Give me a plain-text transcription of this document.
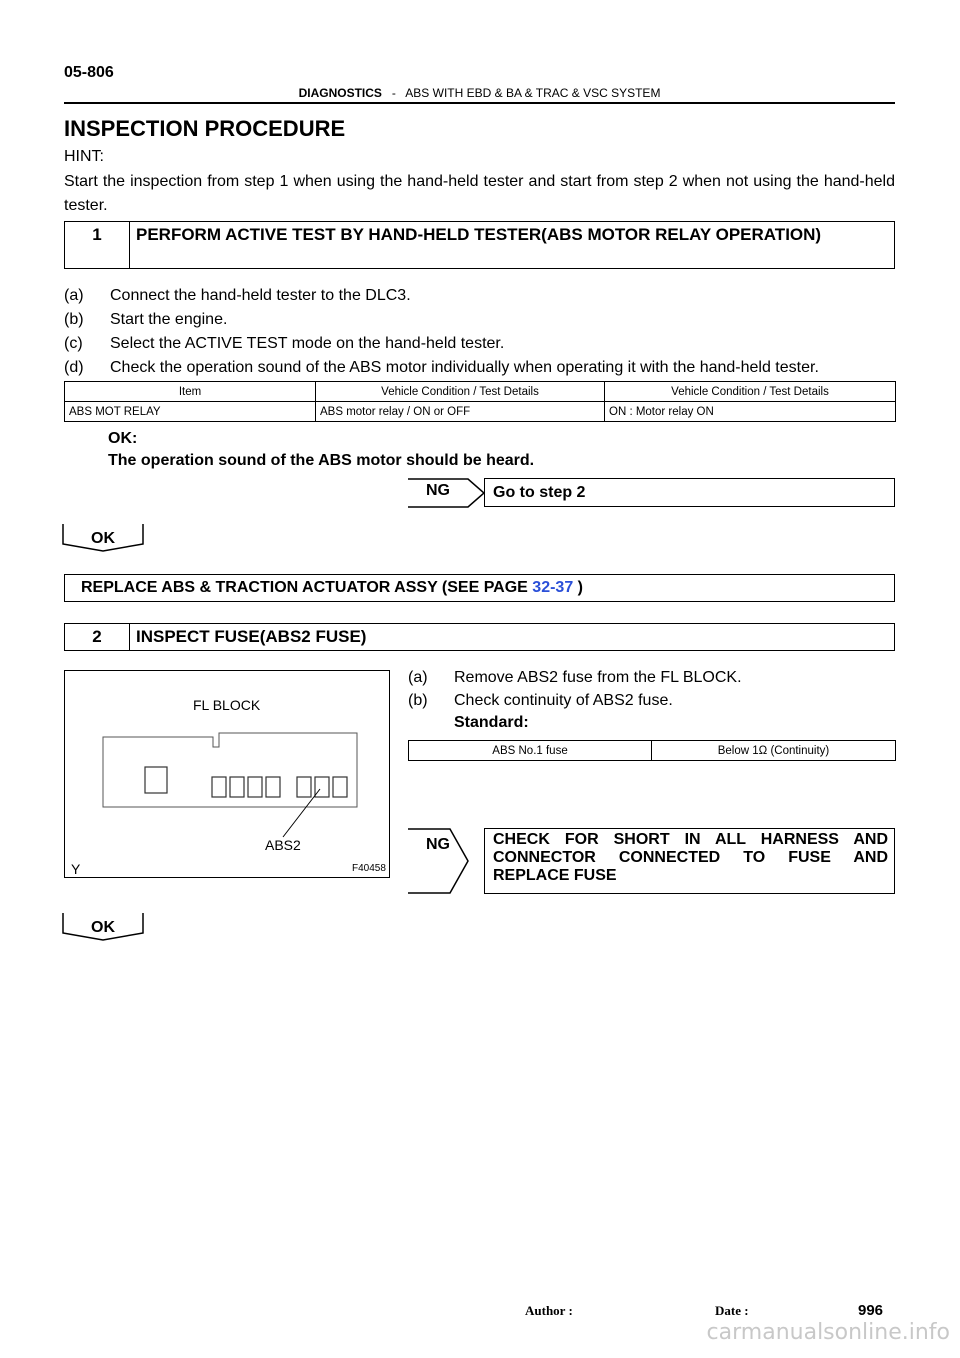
05-806
DIAGNOSTICS - ABS WITH EBD & BA & TRAC & VSC SYSTEM
INSPECTION PROCEDURE
HINT:
Start the inspection from step 1 when using the hand-held tester and start from step 2 when not using the hand-held tester.
1	PERFORM ACTIVE TEST BY HAND-HELD TESTER(ABS MOTOR RELAY OPERATION)
(a)	Connect the hand-held tester to the DLC3.
(b)	Start the engine.
(c)	Select the ACTIVE TEST mode on the hand-held tester.
(d)	Check the operation sound of the ABS motor individually when operating it with the hand-held tester.
Item	Vehicle Condition / Test Details	Vehicle Condition / Test Details
ABS MOT RELAY	ABS motor relay / ON or OFF	ON : Motor relay ON
OK:
The operation sound of the ABS motor should be heard.
NG	Go to step 2
OK
REPLACE ABS & TRACTION ACTUATOR ASSY (SEE PAGE 32-37 )
2	INSPECT FUSE(ABS2 FUSE)
FL BLOCK
ABS2
Y	F40458
(a)	Remove ABS2 fuse from the FL BLOCK.
(b)	Check continuity of ABS2 fuse.
Standard:
ABS No.1 fuse	Below 1Ω (Continuity)
NG	CHECK FOR SHORT IN ALL HARNESS AND
CONNECTOR CONNECTED TO FUSE AND
REPLACE FUSE
OK
Author :	Date :	996
carmanualsonline.info
